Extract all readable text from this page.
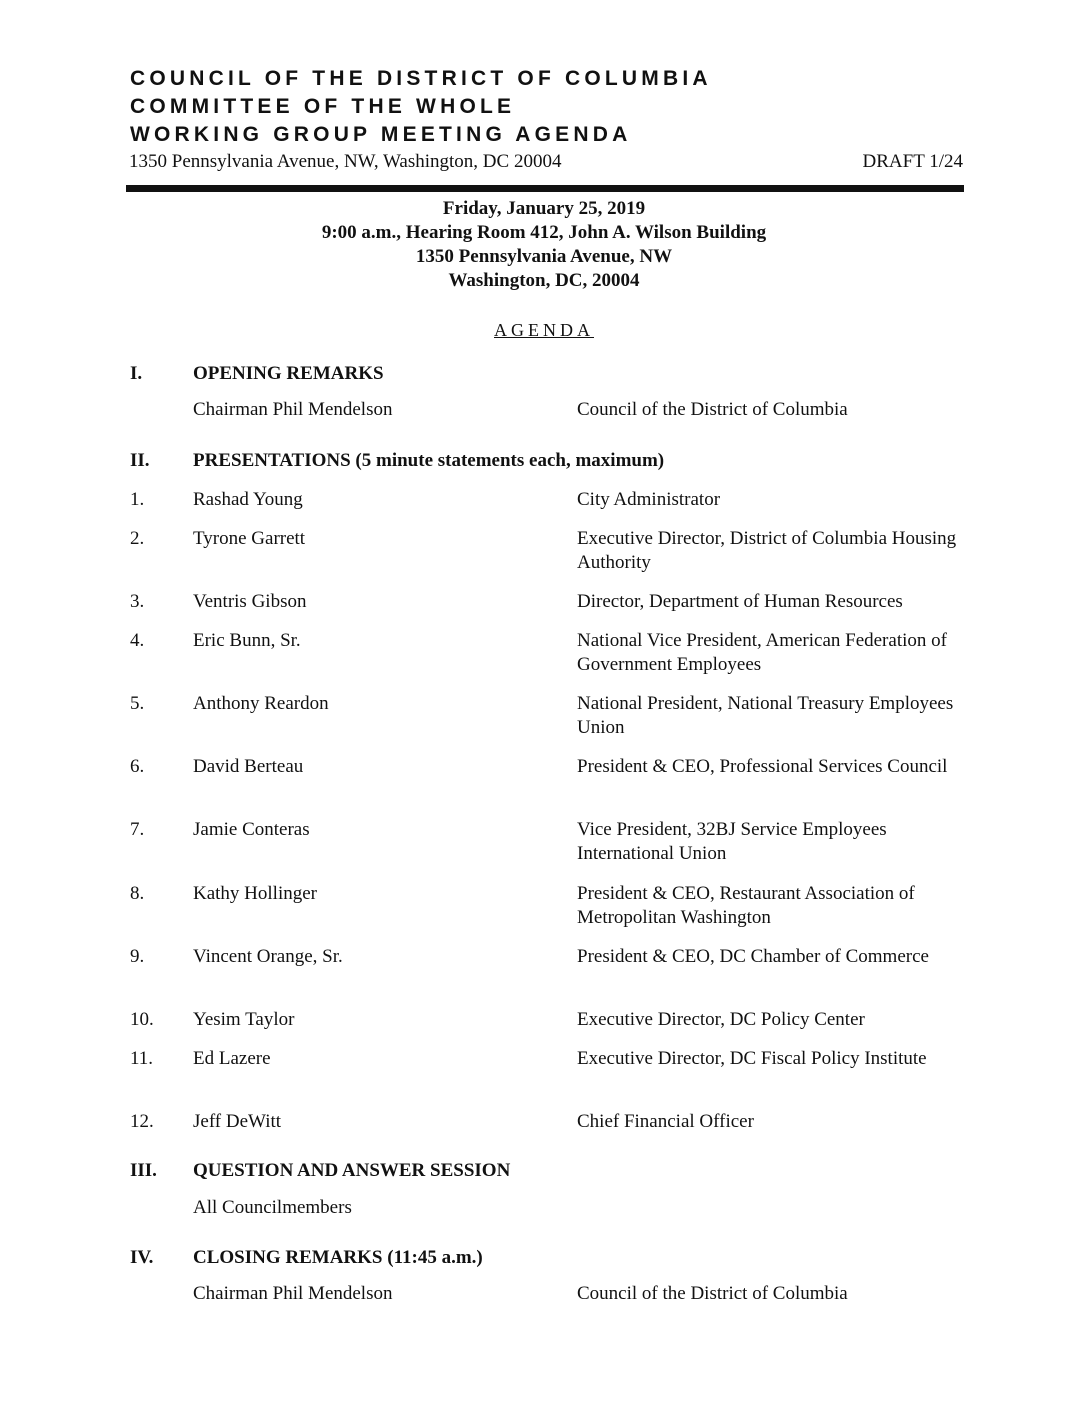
COUNCIL OF THE DISTRICT OF COLUMBIA
COMMITTEE OF THE WHOLE
WORKING GROUP MEETING AGENDA
1350 Pennsylvania Avenue, NW, Washington, DC 20004	DRAFT 1/24
Friday, January 25, 2019
9:00 a.m., Hearing Room 412, John A. Wilson Building
1350 Pennsylvania Avenue, NW
Washington, DC, 20004
AGENDA
I.	OPENING REMARKS
Chairman Phil Mendelson	Council of the District of Columbia
II. PRESENTATIONS (5 minute statements each, maximum)
1.	Rashad Young	City Administrator
2.	Tyrone Garrett	Executive Director, District of Columbia Housing Authority
3.	Ventris Gibson	Director, Department of Human Resources
4.	Eric Bunn, Sr.	National Vice President, American Federation of Government Employees
5.	Anthony Reardon	National President, National Treasury Employees Union
6.	David Berteau	President & CEO, Professional Services Council
7.	Jamie Conteras	Vice President, 32BJ Service Employees International Union
8.	Kathy Hollinger	President & CEO, Restaurant Association of Metropolitan Washington
9.	Vincent Orange, Sr.	President & CEO, DC Chamber of Commerce
10. Yesim Taylor	Executive Director, DC Policy Center
11. Ed Lazere	Executive Director, DC Fiscal Policy Institute
12. Jeff DeWitt	Chief Financial Officer
III. QUESTION AND ANSWER SESSION
All Councilmembers
IV. CLOSING REMARKS (11:45 a.m.)
Chairman Phil Mendelson	Council of the District of Columbia
